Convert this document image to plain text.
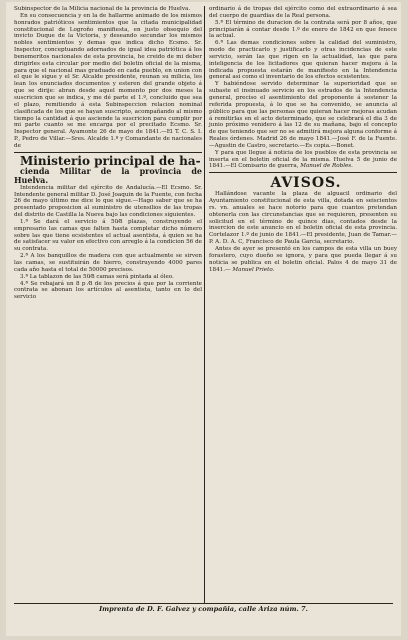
Subinspector de la Milicia nacional de la provincia de Huelva.

En su consecuencia y en la de hallarme animado de los mismos honrados patrióticos sentimientos que la citada municipalidad constitucional de Logroño manifiesta, en justo obsequio del invicto Duque de la Victoria, y deseando secundar los mismos nobles sentimientos y demas que indica dicho Ecsmo. Sr. Inspector, conceptuando adornados de igual idea patriótica á los benemeritos nacionales de esta provincia, he creido de mi deber dirigirles esta circular por medio del boletin oficial de la misma, para que el nacional mas graduado en cada pueblo, en union con el que le sigue y el Sr. Alcalde presidente, reunan su milicia, les lean los enunciados documentos y esteren del grande objeto á que se dirije: abran desde aquel momento por dos meses la suscricion que se indica, y me dé parte el 1.º, concluido que sea el plazo, remitiendo á esta Subinspeccion relacion nominal clasificada de los que se hayan suscripto, acompañando al mismo tiempo la cantidad á que asciende la suscricion para cumplir por mi parte cuanto se me encarga por el precitado Ecsmo. Sr. Inspector general. Ayamonte 26 de mayo de 1841.—El T. C. S. I. P., Pedro de Villar.—Sres. Alcalde 1.º y Comandante de nacionales de

Ministerio principal de ha-

cienda Militar de la provincia de Huelva.

Intendencia militar del ejército de Andalucía.—El Ecsmo. Sr. Intendente general militar D. José Joaquin de la Fuente, con fecha 26 de mayo último me dice lo que sigue.—Hago saber que se ha presentado proposicion al suministro de utensilios de las tropas del distrito de Castilla la Nueva bajo las condiciones siguientes.

1.ª Se dará el servicio á 50⁄8 plazas, construyendo el empresario las camas que falten hasta completar dicho número sobre las que tiene ecsistentes el actual asentista, á quien se ha de satisfacer su valor en efectivo con arreglo á la condicion 56 de su contrata.

2.ª A los banquillos de madera con que actualmente se sirven las camas, se sustituirán de hierro, construyendo 4000 pares cada año hasta el total de 50000 precisos.

3.ª La tablazon de las 50⁄8 camas será pintada al óleo.

4.ª Se rebajará un 8 p ⁄8 de los precios á que por la corriente contrata se abonan los artículos al asentista, tanto en lo del servicio

ordinario á de tropas del ejército como del extraordinario á sea del cuerpo de guardias de la Real persona.

5.ª El término de duracion de la contrata será por 8 años, que principiarán á contar desde 1.º de enero de 1842 en que fenece la actual.

6.ª Las demas condiciones sobre la calidad del suministro, modo de practicarlo y justificarlo y otras incidencias de este servicio, serán las que rigen en la actualidad, las que para inteligencia de los licitadores que quieran hacer mejora á la indicada propuesta estarán de manifiesto en la Intendencia general asi como el inventario de los efectos ecsistentes.

Y habiéndose servido determinar la superioridad que se subaste el insinuado servicio en los estrados de la Intendencia general, preciso el asentimiento del proponente á sostener la referida propuesta, á lo que se ha convenido, se anuncia al público para que las personas que quieran hacer mejoras acudan á remitirlas en el acto determinado, que se celebrará el dia 3 de junio próximo venidero á las 12 de su mañana, bajo el concepto de que teniendo que ser no se admitirá mejora alguna conforme á Reales órdenes. Madrid 26 de mayo 1841.—José F. de la Fuente.—Agustin de Castro, secretario.—Es copia.—Bonet.

Y para que llegue á noticia de los pueblos de esta provincia se inserta en el boletin oficial de la misma. Huelva 5 de junio de 1841.—El Comisario de guerra, Manuel de Robles.

AVISOS.

Hallándose vacante la plaza de alguacil ordinario del Ayuntamiento constitucional de esta villa, dotada en seiscientos rs. vn. anuales se hace notorio para que cuantos pretendan obtenerla con las circunstancias que se requieren, presenten su solicitud en el término de quince dias, contados desde la insercion de este anuncio en el boletin oficial de esta provincia. Cortelazor 1.º de junio de 1841.—El presidente, Juan de Tamar.—P. A. D. A. C, Francisco de Paula Garcia, secretario.

Antes de ayer se presentó en los campos de esta villa un buey forastero, cuyo dueño se ignora, y para que pueda llegar á su noticia se publica en el boletin oficial. Palos 4 de mayo 31 de 1841.— Manuel Prieto.

Imprenta de D. F. Galvez y compañia, calle Ariza núm. 7.
